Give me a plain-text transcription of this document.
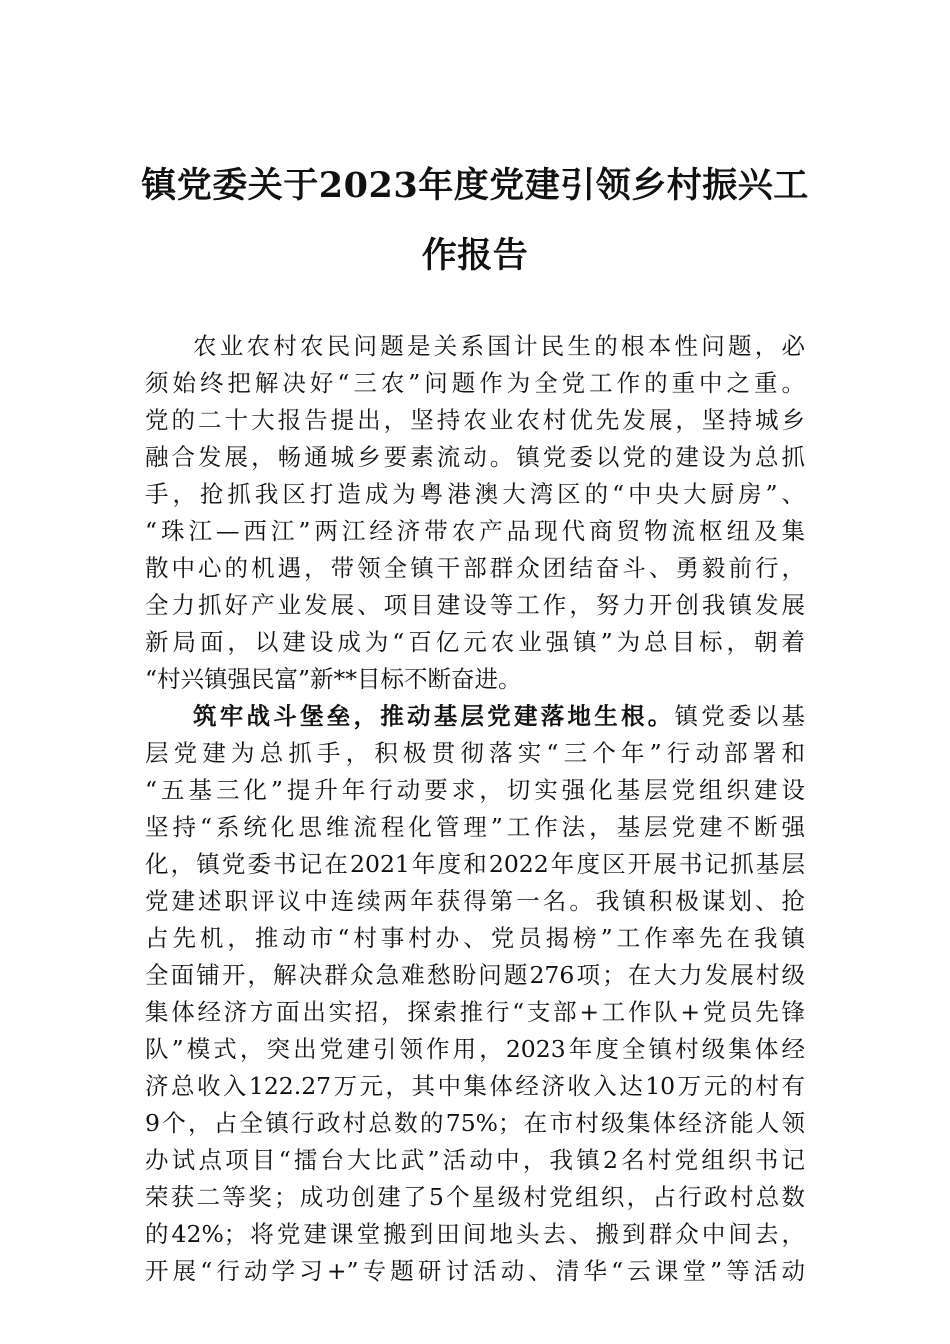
镇党委关于2023年度党建引领乡村振兴工
作报告
农业农村农民问题是关系国计民生的根本性问题，必
须始终把解决好“三农”问题作为全党工作的重中之重。
党的二十大报告提出，坚持农业农村优先发展，坚持城乡
融合发展，畅通城乡要素流动。镇党委以党的建设为总抓
手，抢抓我区打造成为粤港澳大湾区的“中央大厨房”、
“珠江—西江”两江经济带农产品现代商贸物流枢纽及集
散中心的机遇，带领全镇干部群众团结奋斗、勇毅前行，
全力抓好产业发展、项目建设等工作，努力开创我镇发展
新局面，以建设成为“百亿元农业强镇”为总目标，朝着
“村兴镇强民富”新**目标不断奋进。
筑牢战斗堡垒，推动基层党建落地生根。镇党委以基
层党建为总抓手，积极贯彻落实“三个年”行动部署和
“五基三化”提升年行动要求，切实强化基层党组织建设
坚持“系统化思维流程化管理”工作法，基层党建不断强
化，镇党委书记在2021年度和2022年度区开展书记抓基层
党建述职评议中连续两年获得第一名。我镇积极谋划、抢
占先机，推动市“村事村办、党员揭榜”工作率先在我镇
全面铺开，解决群众急难愁盼问题276项；在大力发展村级
集体经济方面出实招，探索推行“支部+工作队+党员先锋
队”模式，突出党建引领作用，2023年度全镇村级集体经
济总收入122.27万元，其中集体经济收入达10万元的村有
9个，占全镇行政村总数的75%；在市村级集体经济能人领
办试点项目“擂台大比武”活动中，我镇2名村党组织书记
荣获二等奖；成功创建了5个星级村党组织，占行政村总数
的42%；将党建课堂搬到田间地头去、搬到群众中间去，
开展“行动学习+”专题研讨活动、清华“云课堂”等活动
